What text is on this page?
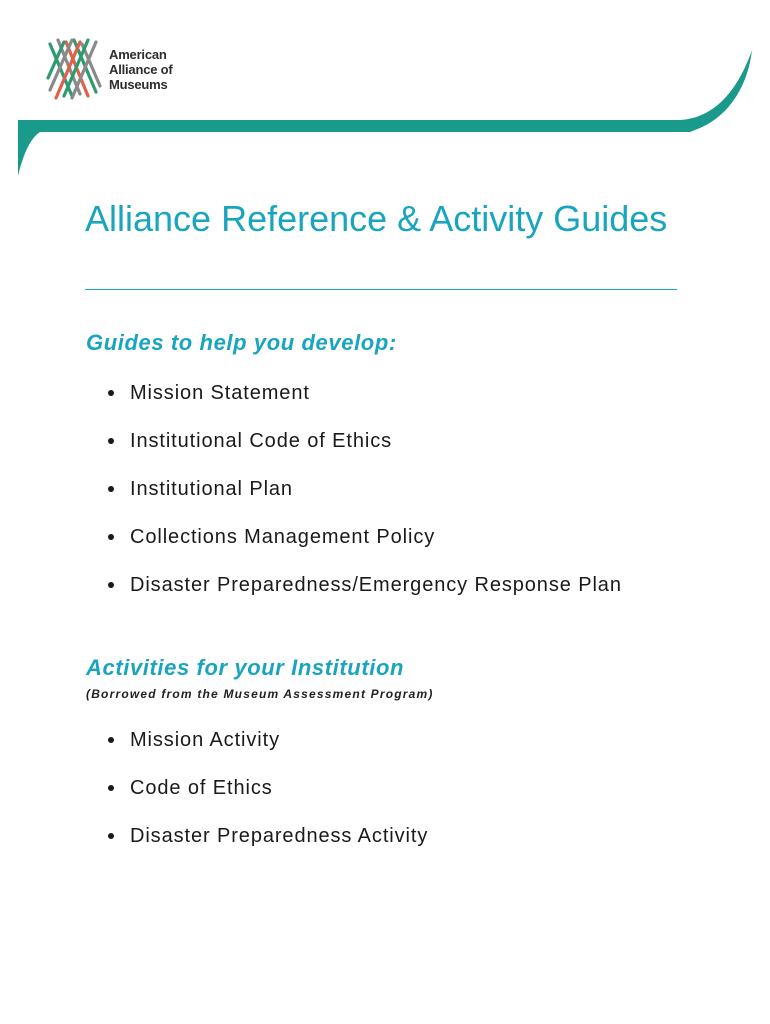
American
Alliance of
Museums
Alliance Reference & Activity Guides
Guides to help you develop:
Mission Statement
Institutional Code of Ethics
Institutional Plan
Collections Management Policy
Disaster Preparedness/Emergency Response Plan
Activities for your Institution
(Borrowed from the Museum Assessment Program)
Mission Activity
Code of Ethics
Disaster Preparedness Activity
